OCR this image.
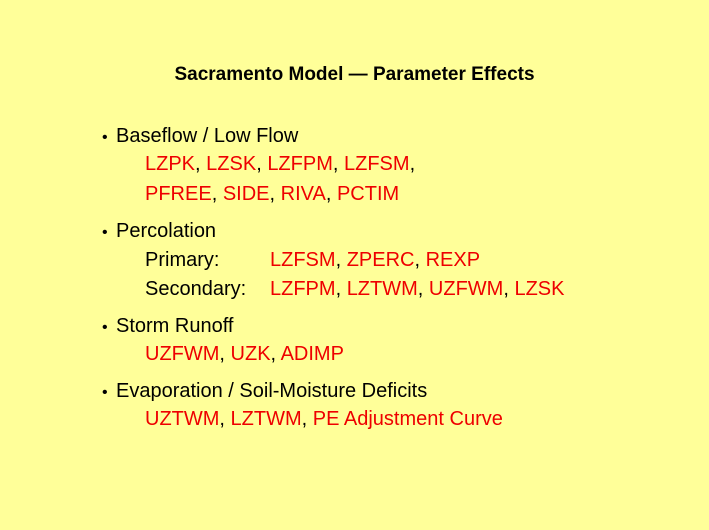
Sacramento Model — Parameter Effects
• Baseflow / Low Flow
LZPK, LZSK, LZFPM, LZFSM,
PFREE, SIDE, RIVA, PCTIM
• Percolation
Primary:	LZFSM, ZPERC, REXP
Secondary: LZFPM, LZTWM, UZFWM, LZSK
• Storm Runoff
UZFWM, UZK, ADIMP
• Evaporation / Soil-Moisture Deficits
UZTWM, LZTWM, PE Adjustment Curve
